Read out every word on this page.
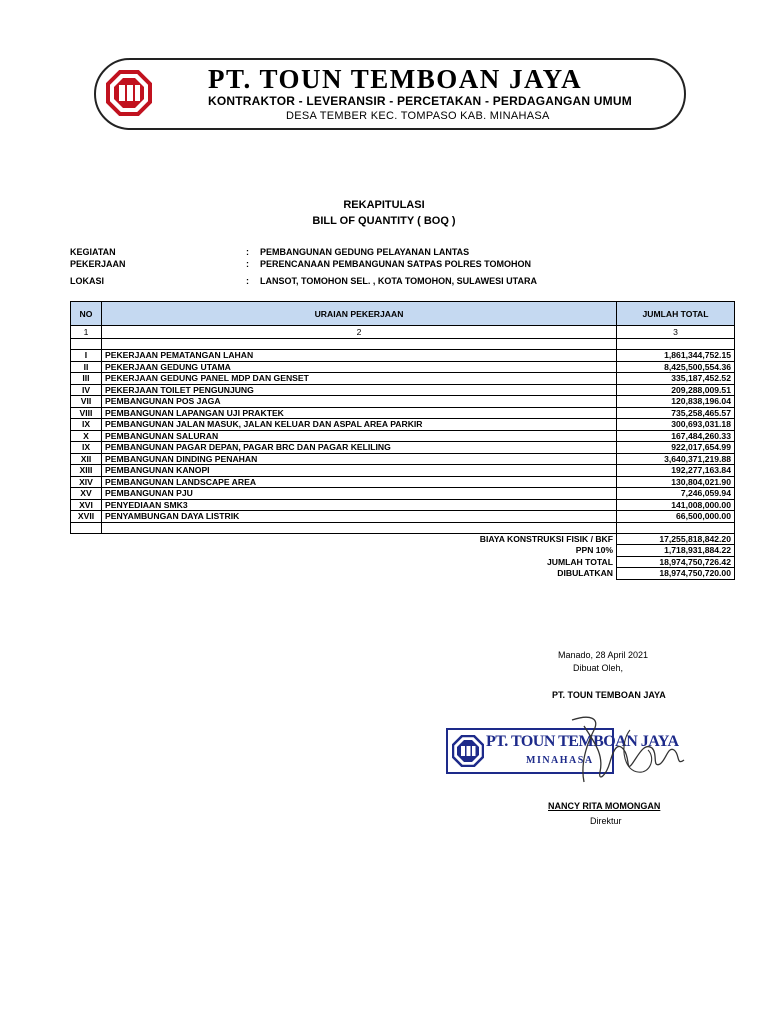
PT. TOUN TEMBOAN JAYA
KONTRAKTOR - LEVERANSIR - PERCETAKAN - PERDAGANGAN UMUM
DESA TEMBER KEC. TOMPASO KAB. MINAHASA
REKAPITULASI
BILL OF QUANTITY ( BOQ )
KEGIATAN	: PEMBANGUNAN GEDUNG PELAYANAN LANTAS
PEKERJAAN	: PERENCANAAN PEMBANGUNAN SATPAS POLRES TOMOHON
LOKASI	: LANSOT, TOMOHON SEL. , KOTA TOMOHON, SULAWESI UTARA
NO	URAIAN PEKERJAAN	JUMLAH TOTAL
1	2	3

I	PEKERJAAN PEMATANGAN LAHAN	1,861,344,752.15
II	PEKERJAAN GEDUNG UTAMA	8,425,500,554.36
III	PEKERJAAN GEDUNG PANEL MDP DAN GENSET	335,187,452.52
IV	PEKERJAAN TOILET PENGUNJUNG	209,288,009.51
VII	PEMBANGUNAN POS JAGA	120,838,196.04
VIII	PEMBANGUNAN LAPANGAN UJI PRAKTEK	735,258,465.57
IX	PEMBANGUNAN JALAN MASUK, JALAN KELUAR DAN ASPAL AREA PARKIR	300,693,031.18
X	PEMBANGUNAN SALURAN	167,484,260.33
IX	PEMBANGUNAN PAGAR DEPAN, PAGAR BRC DAN PAGAR KELILING	922,017,654.99
XII	PEMBANGUNAN DINDING PENAHAN	3,640,371,219.88
XIII	PEMBANGUNAN KANOPI	192,277,163.84
XIV	PEMBANGUNAN LANDSCAPE AREA	130,804,021.90
XV	PEMBANGUNAN PJU	7,246,059.94
XVI	PENYEDIAAN SMK3	141,008,000.00
XVII	PENYAMBUNGAN DAYA LISTRIK	66,500,000.00

BIAYA KONSTRUKSI FISIK / BKF		17,255,818,842.20
PPN 10%		1,718,931,884.22
JUMLAH TOTAL		18,974,750,726.42
DIBULATKAN		18,974,750,720.00
Manado, 28 April 2021
Dibuat Oleh,
PT. TOUN TEMBOAN JAYA
PT. TOUN TEMBOAN JAYA
MINAHASA
NANCY RITA MOMONGAN
Direktur
